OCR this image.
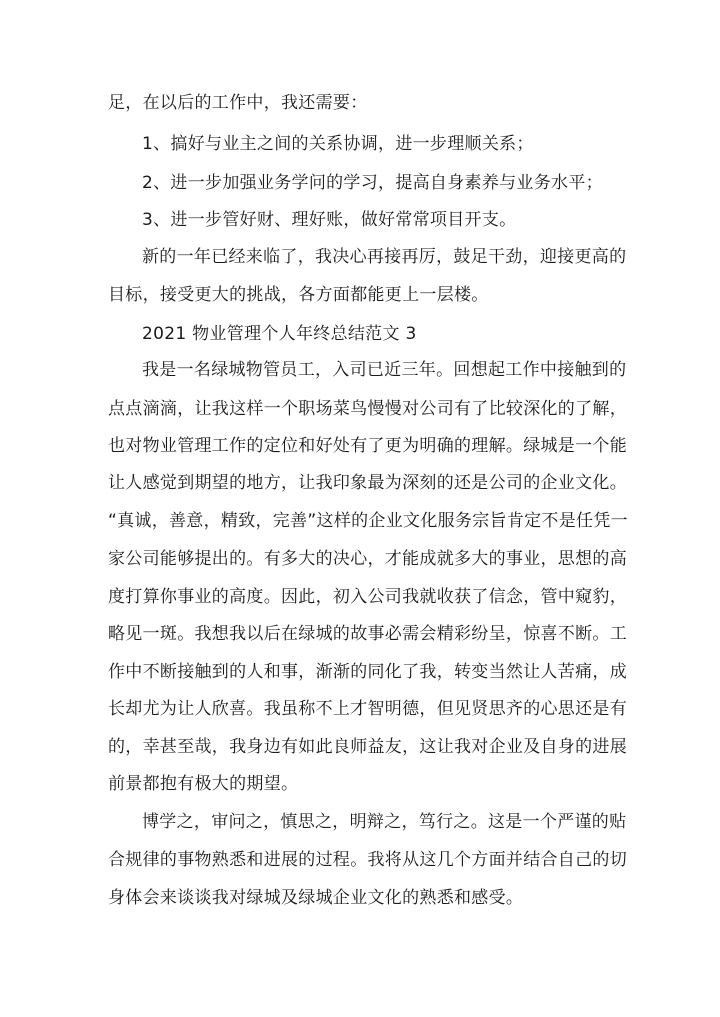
足，在以后的工作中，我还需要：
1、搞好与业主之间的关系协调，进一步理顺关系；
2、进一步加强业务学问的学习，提高自身素养与业务水平；
3、进一步管好财、理好账，做好常常项目开支。
新的一年已经来临了，我决心再接再厉，鼓足干劲，迎接更高的
目标，接受更大的挑战，各方面都能更上一层楼。
2021 物业管理个人年终总结范文 3
我是一名绿城物管员工，入司已近三年。回想起工作中接触到的
点点滴滴，让我这样一个职场菜鸟慢慢对公司有了比较深化的了解，
也对物业管理工作的定位和好处有了更为明确的理解。绿城是一个能
让人感觉到期望的地方，让我印象最为深刻的还是公司的企业文化。
“真诚，善意，精致，完善”这样的企业文化服务宗旨肯定不是任凭一
家公司能够提出的。有多大的决心，才能成就多大的事业，思想的高
度打算你事业的高度。因此，初入公司我就收获了信念，管中窥豹，
略见一斑。我想我以后在绿城的故事必需会精彩纷呈，惊喜不断。工
作中不断接触到的人和事，渐渐的同化了我，转变当然让人苦痛，成
长却尤为让人欣喜。我虽称不上才智明德，但见贤思齐的心思还是有
的，幸甚至哉，我身边有如此良师益友，这让我对企业及自身的进展
前景都抱有极大的期望。
博学之，审问之，慎思之，明辩之，笃行之。这是一个严谨的贴
合规律的事物熟悉和进展的过程。我将从这几个方面并结合自己的切
身体会来谈谈我对绿城及绿城企业文化的熟悉和感受。
